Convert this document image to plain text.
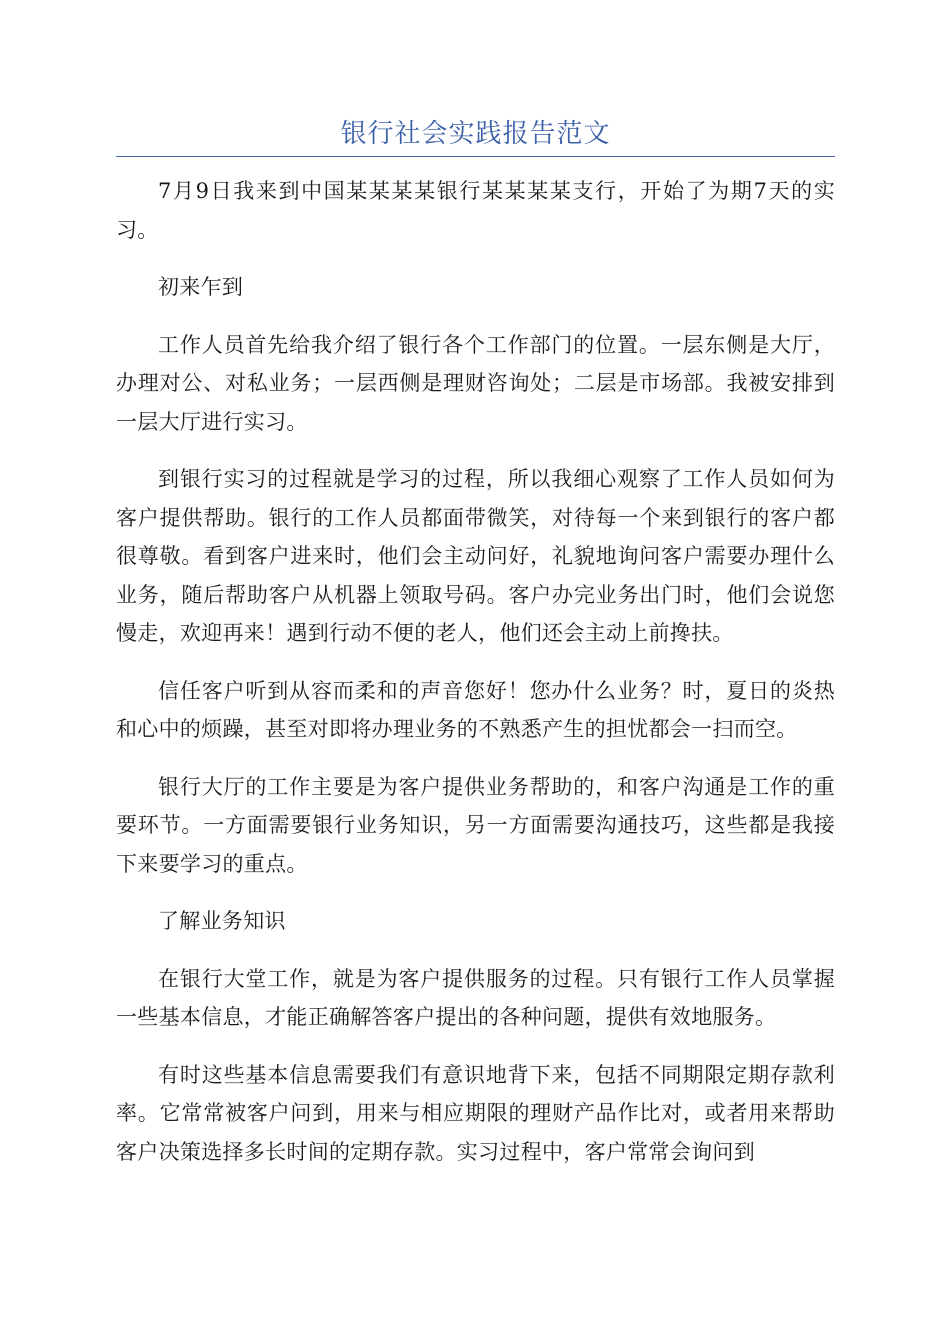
银行社会实践报告范文

7月9日我来到中国某某某某银行某某某某支行，开始了为期7天的实习。

初来乍到

工作人员首先给我介绍了银行各个工作部门的位置。一层东侧是大厅，办理对公、对私业务；一层西侧是理财咨询处；二层是市场部。我被安排到一层大厅进行实习。

到银行实习的过程就是学习的过程，所以我细心观察了工作人员如何为客户提供帮助。银行的工作人员都面带微笑，对待每一个来到银行的客户都很尊敬。看到客户进来时，他们会主动问好，礼貌地询问客户需要办理什么业务，随后帮助客户从机器上领取号码。客户办完业务出门时，他们会说您慢走，欢迎再来！遇到行动不便的老人，他们还会主动上前搀扶。

信任客户听到从容而柔和的声音您好！您办什么业务？时，夏日的炎热和心中的烦躁，甚至对即将办理业务的不熟悉产生的担忧都会一扫而空。

银行大厅的工作主要是为客户提供业务帮助的，和客户沟通是工作的重要环节。一方面需要银行业务知识，另一方面需要沟通技巧，这些都是我接下来要学习的重点。

了解业务知识

在银行大堂工作，就是为客户提供服务的过程。只有银行工作人员掌握一些基本信息，才能正确解答客户提出的各种问题，提供有效地服务。

有时这些基本信息需要我们有意识地背下来，包括不同期限定期存款利率。它常常被客户问到，用来与相应期限的理财产品作比对，或者用来帮助客户决策选择多长时间的定期存款。实习过程中，客户常常会询问到
